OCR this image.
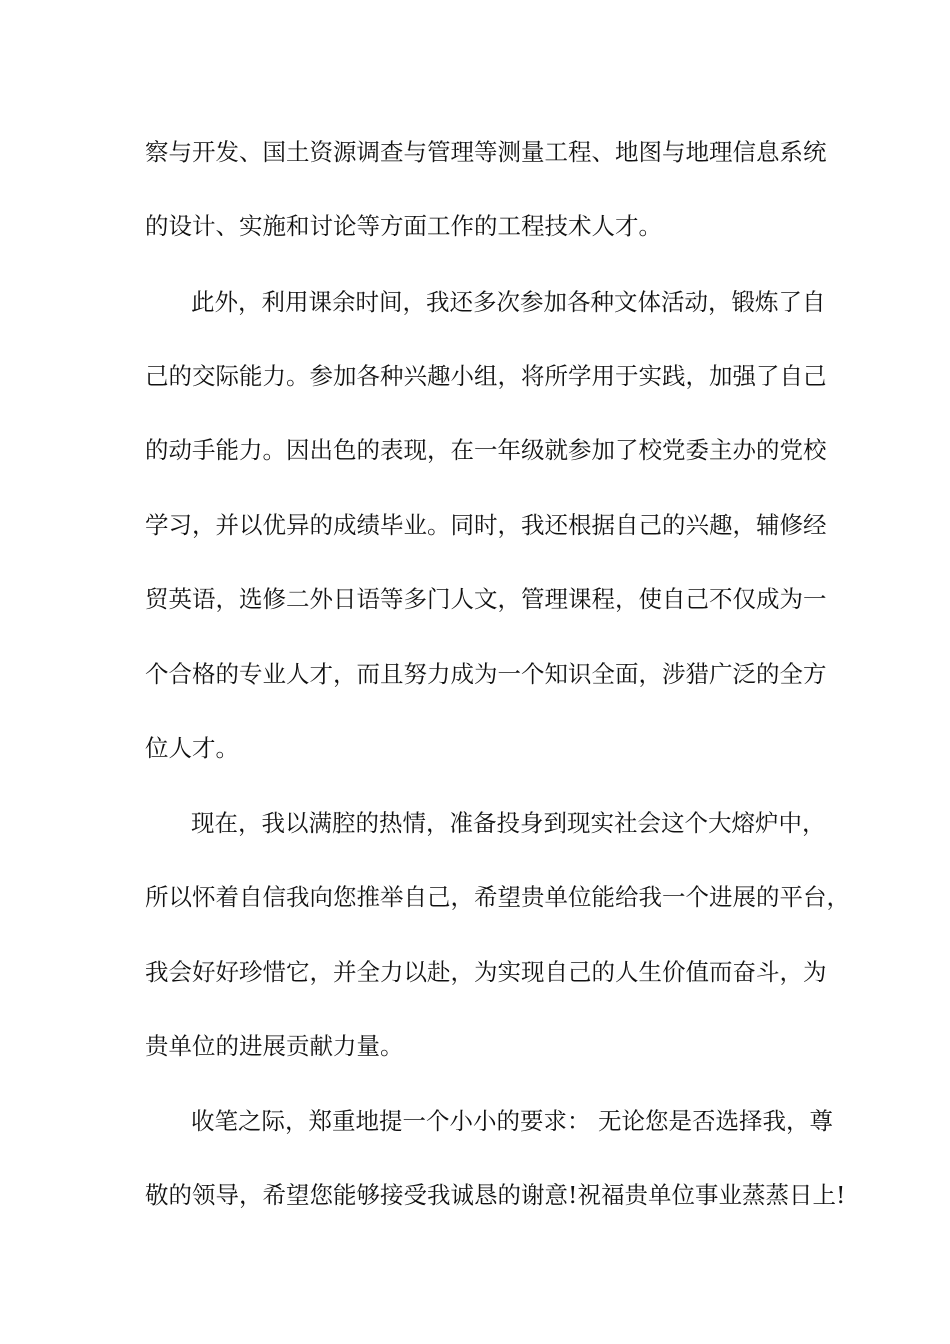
察与开发、国土资源调查与管理等测量工程、地图与地理信息系统
的设计、实施和讨论等方面工作的工程技术人才。
此外，利用课余时间，我还多次参加各种文体活动，锻炼了自
己的交际能力。参加各种兴趣小组，将所学用于实践，加强了自己
的动手能力。因出色的表现，在一年级就参加了校党委主办的党校
学习，并以优异的成绩毕业。同时，我还根据自己的兴趣，辅修经
贸英语，选修二外日语等多门人文，管理课程，使自己不仅成为一
个合格的专业人才，而且努力成为一个知识全面，涉猎广泛的全方
位人才。
现在，我以满腔的热情，准备投身到现实社会这个大熔炉中，
所以怀着自信我向您推举自己，希望贵单位能给我一个进展的平台，
我会好好珍惜它，并全力以赴，为实现自己的人生价值而奋斗，为
贵单位的进展贡献力量。
收笔之际，郑重地提一个小小的要求： 无论您是否选择我，尊
敬的领导，希望您能够接受我诚恳的谢意!祝福贵单位事业蒸蒸日上!
